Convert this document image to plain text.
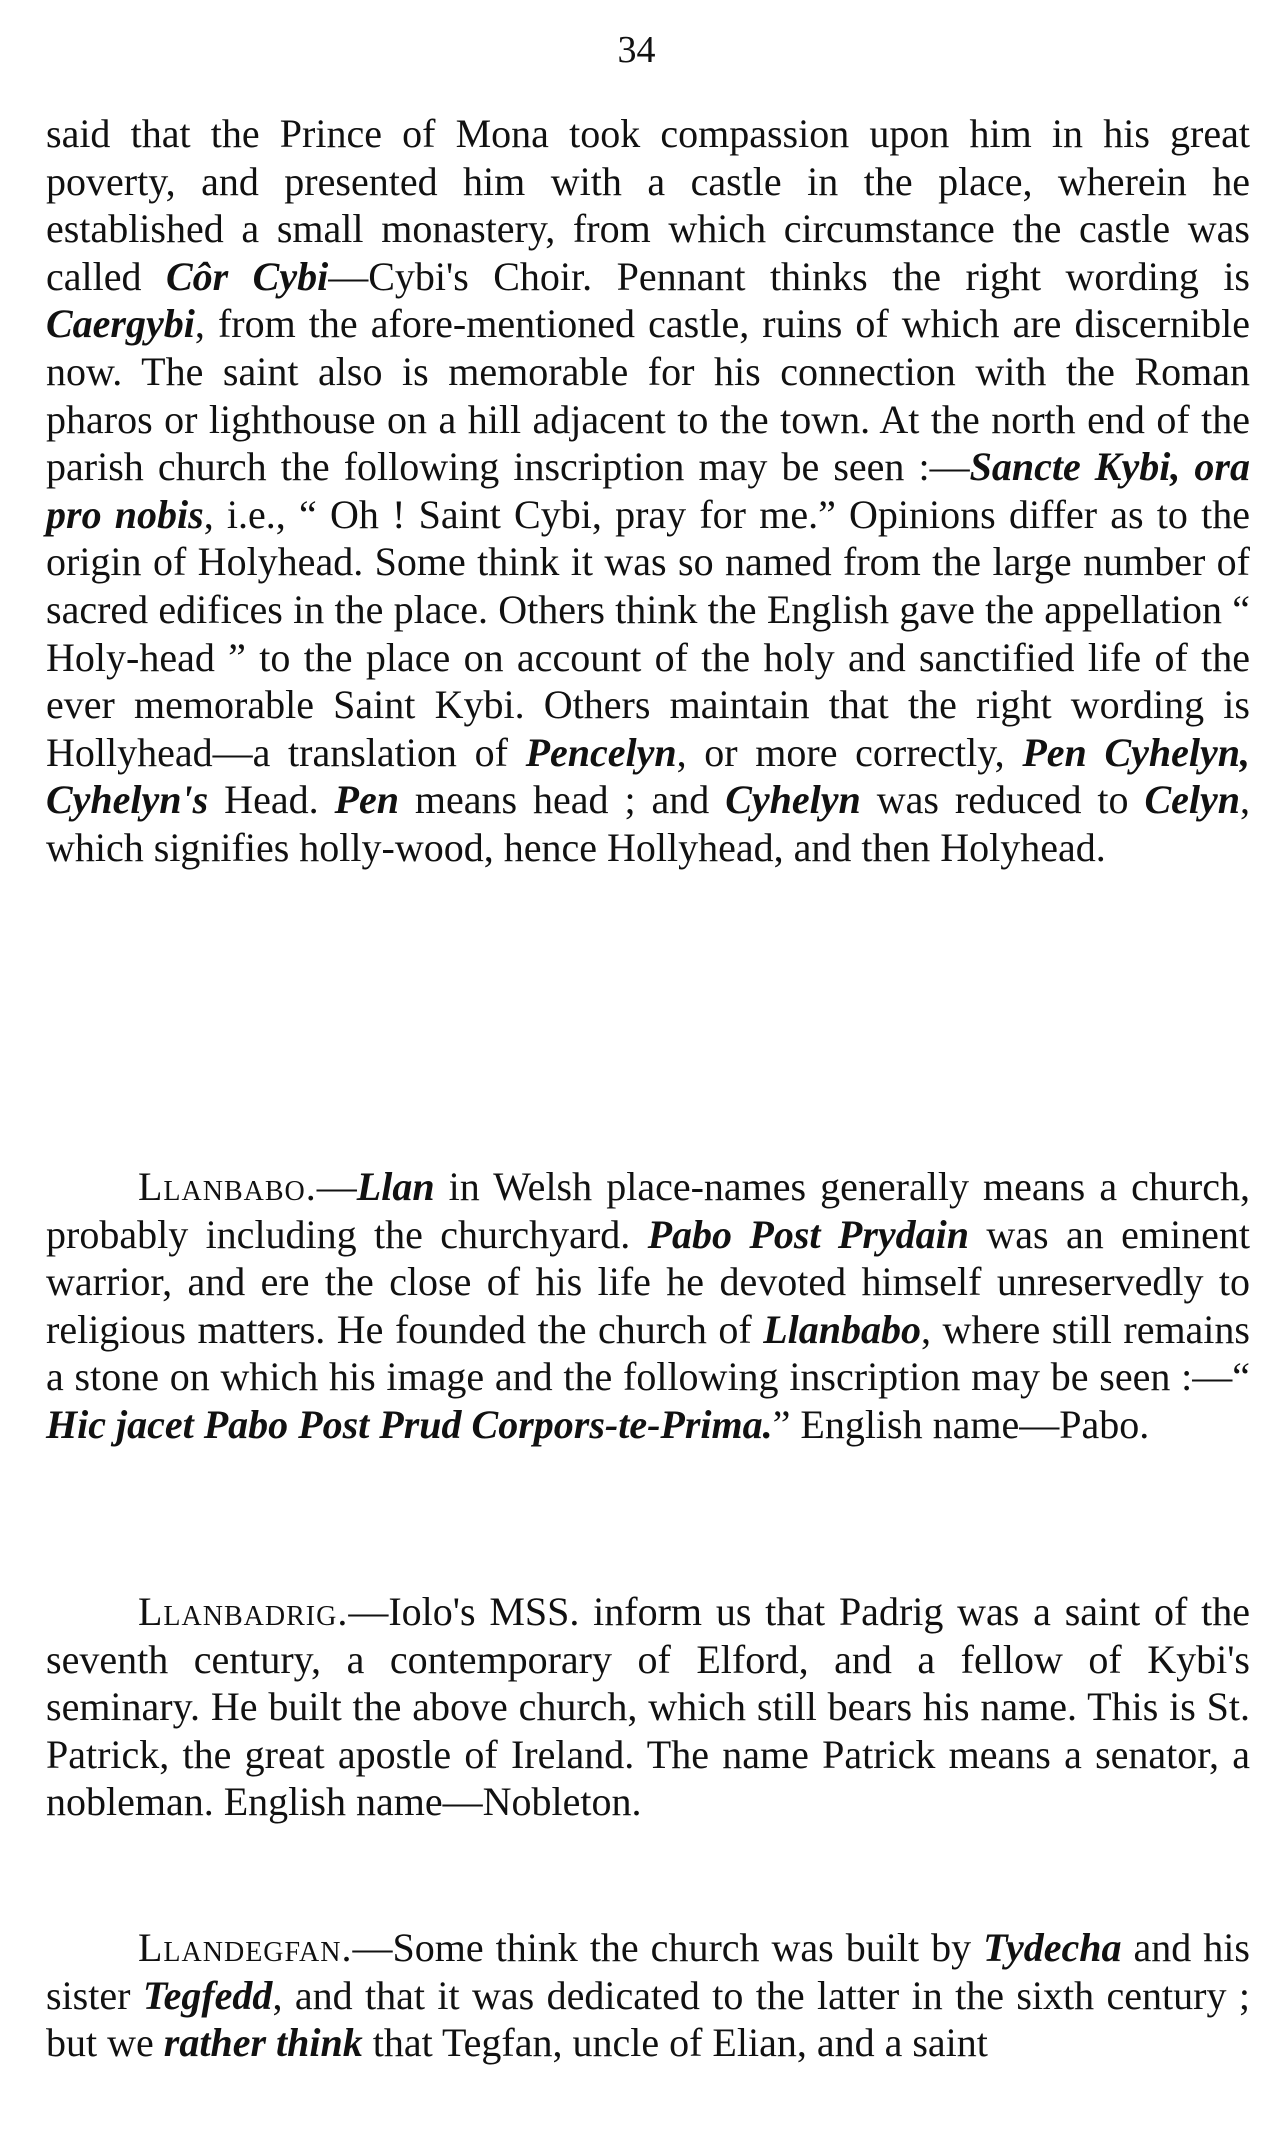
34

said that the Prince of Mona took compassion upon him in his great poverty, and presented him with a castle in the place, wherein he established a small monastery, from which circumstance the castle was called Côr Cybi—Cybi's Choir. Pennant thinks the right wording is Caergybi, from the afore-mentioned castle, ruins of which are discernible now. The saint also is memorable for his connection with the Roman pharos or lighthouse on a hill adjacent to the town. At the north end of the parish church the following inscription may be seen :—Sancte Kybi, ora pro nobis, i.e., “ Oh ! Saint Cybi, pray for me.” Opinions differ as to the origin of Holyhead. Some think it was so named from the large number of sacred edifices in the place. Others think the English gave the appellation “ Holy-head ” to the place on account of the holy and sanctified life of the ever memorable Saint Kybi. Others maintain that the right wording is Hollyhead—a translation of Pencelyn, or more correctly, Pen Cyhelyn, Cyhelyn's Head. Pen means head ; and Cyhelyn was reduced to Celyn, which signifies holly-wood, hence Hollyhead, and then Holyhead.

Llanbabo.—Llan in Welsh place-names generally means a church, probably including the churchyard. Pabo Post Prydain was an eminent warrior, and ere the close of his life he devoted himself unreservedly to religious matters. He founded the church of Llanbabo, where still remains a stone on which his image and the following inscription may be seen :—“ Hic jacet Pabo Post Prud Corpors-te-Prima.” English name—Pabo.

Llanbadrig.—Iolo's MSS. inform us that Padrig was a saint of the seventh century, a contemporary of Elford, and a fellow of Kybi's seminary. He built the above church, which still bears his name. This is St. Patrick, the great apostle of Ireland. The name Patrick means a senator, a nobleman. English name—Nobleton.

Llandegfan.—Some think the church was built by Tydecha and his sister Tegfedd, and that it was dedicated to the latter in the sixth century ; but we rather think that Tegfan, uncle of Elian, and a saint
